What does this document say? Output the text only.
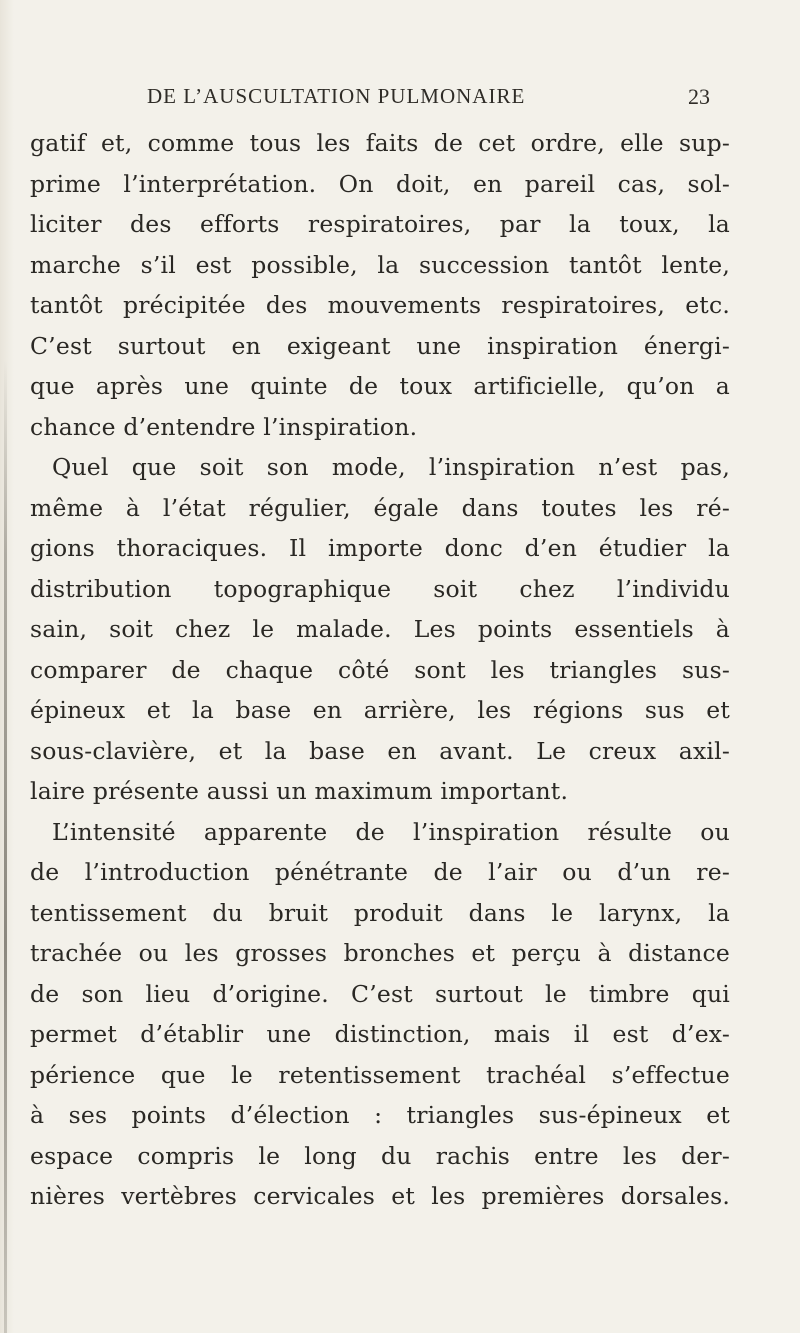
DE L’AUSCULTATION PULMONAIRE	23
gatif et, comme tous les faits de cet ordre, elle sup-
prime l’interprétation. On doit, en pareil cas, sol-
liciter des efforts respiratoires, par la toux, la
marche s’il est possible, la succession tantôt lente,
tantôt précipitée des mouvements respiratoires, etc.
C’est surtout en exigeant une inspiration énergi-
que après une quinte de toux artificielle, qu’on a
chance d’entendre l’inspiration.
Quel que soit son mode, l’inspiration n’est pas,
même à l’état régulier, égale dans toutes les ré-
gions thoraciques. Il importe donc d’en étudier la
distribution topographique soit chez l’individu
sain, soit chez le malade. Les points essentiels à
comparer de chaque côté sont les triangles sus-
épineux et la base en arrière, les régions sus et
sous-clavière, et la base en avant. Le creux axil-
laire présente aussi un maximum important.
L’intensité apparente de l’inspiration résulte ou
de l’introduction pénétrante de l’air ou d’un re-
tentissement du bruit produit dans le larynx, la
trachée ou les grosses bronches et perçu à distance
de son lieu d’origine. C’est surtout le timbre qui
permet d’établir une distinction, mais il est d’ex-
périence que le retentissement trachéal s’effectue
à ses points d’élection : triangles sus-épineux et
espace compris le long du rachis entre les der-
nières vertèbres cervicales et les premières dorsales.
